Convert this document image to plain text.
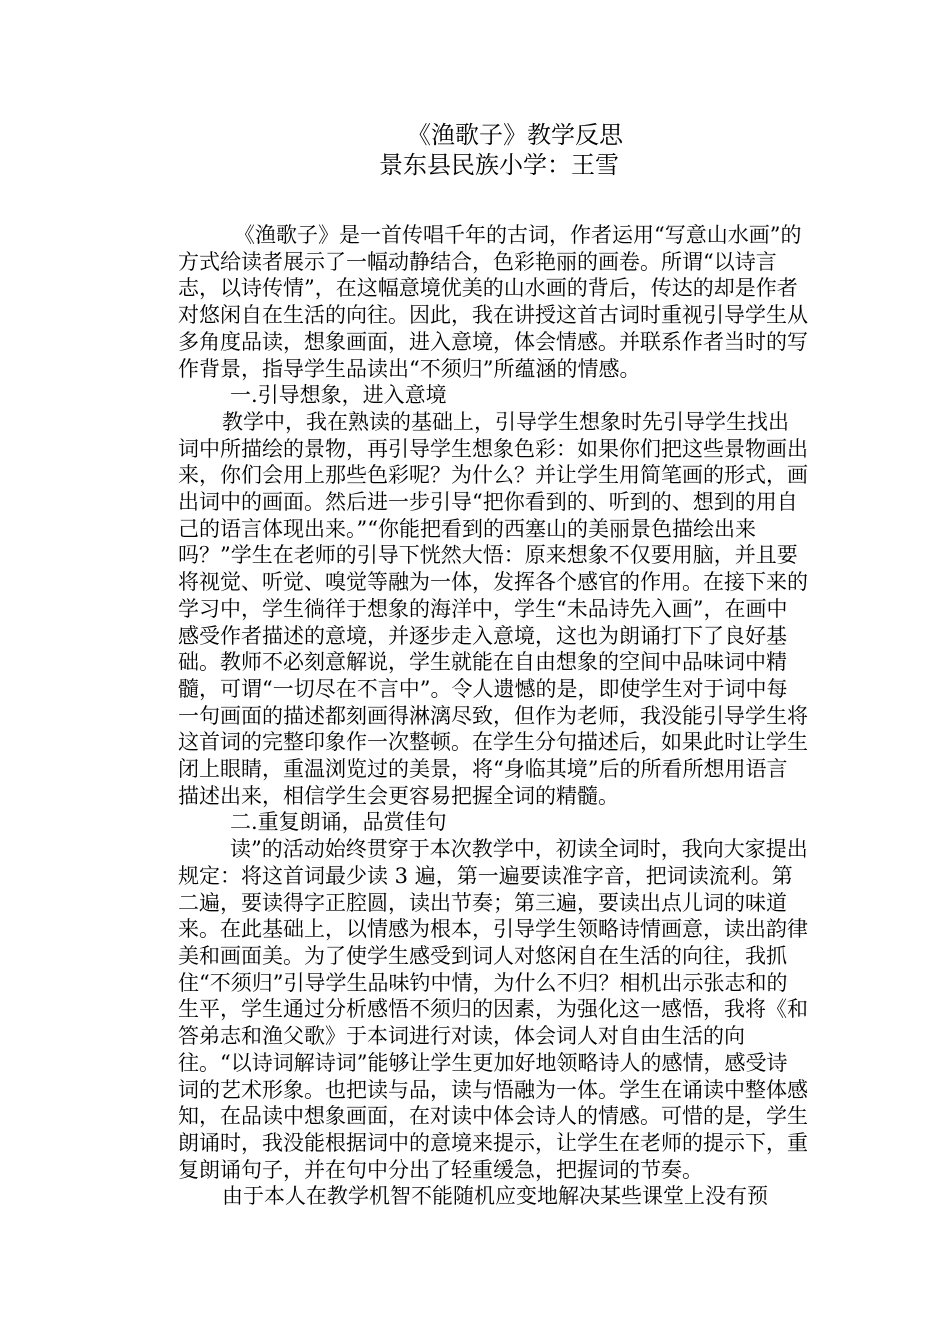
《渔歌子》教学反思
景东县民族小学：王雪

《渔歌子》是一首传唱千年的古词，作者运用“写意山水画”的方式给读者展示了一幅动静结合，色彩艳丽的画卷。所谓“以诗言志，以诗传情”，在这幅意境优美的山水画的背后，传达的却是作者对悠闲自在生活的向往。因此，我在讲授这首古词时重视引导学生从多角度品读，想象画面，进入意境，体会情感。并联系作者当时的写作背景，指导学生品读出“不须归”所蕴涵的情感。

一.引导想象，进入意境

教学中，我在熟读的基础上，引导学生想象时先引导学生找出词中所描绘的景物，再引导学生想象色彩：如果你们把这些景物画出来，你们会用上那些色彩呢？为什么？并让学生用简笔画的形式，画出词中的画面。然后进一步引导“把你看到的、听到的、想到的用自己的语言体现出来。”“你能把看到的西塞山的美丽景色描绘出来吗？”学生在老师的引导下恍然大悟：原来想象不仅要用脑，并且要将视觉、听觉、嗅觉等融为一体，发挥各个感官的作用。在接下来的学习中，学生徜徉于想象的海洋中，学生“未品诗先入画”，在画中感受作者描述的意境，并逐步走入意境，这也为朗诵打下了良好基础。教师不必刻意解说，学生就能在自由想象的空间中品味词中精髓，可谓“一切尽在不言中”。令人遗憾的是，即使学生对于词中每一句画面的描述都刻画得淋漓尽致，但作为老师，我没能引导学生将这首词的完整印象作一次整顿。在学生分句描述后，如果此时让学生闭上眼睛，重温浏览过的美景，将“身临其境”后的所看所想用语言描述出来，相信学生会更容易把握全词的精髓。

二.重复朗诵，品赏佳句

读”的活动始终贯穿于本次教学中，初读全词时，我向大家提出规定：将这首词最少读 3 遍，第一遍要读准字音，把词读流利。第二遍，要读得字正腔圆，读出节奏；第三遍，要读出点儿词的味道来。在此基础上，以情感为根本，引导学生领略诗情画意，读出韵律美和画面美。为了使学生感受到词人对悠闲自在生活的向往，我抓住“不须归”引导学生品味钓中情，为什么不归？相机出示张志和的生平，学生通过分析感悟不须归的因素，为强化这一感悟，我将《和答弟志和渔父歌》于本词进行对读，体会词人对自由生活的向往。“以诗词解诗词”能够让学生更加好地领略诗人的感情，感受诗词的艺术形象。也把读与品，读与悟融为一体。学生在诵读中整体感知，在品读中想象画面，在对读中体会诗人的情感。可惜的是，学生朗诵时，我没能根据词中的意境来提示，让学生在老师的提示下，重复朗诵句子，并在句中分出了轻重缓急，把握词的节奏。

由于本人在教学机智不能随机应变地解决某些课堂上没有预
